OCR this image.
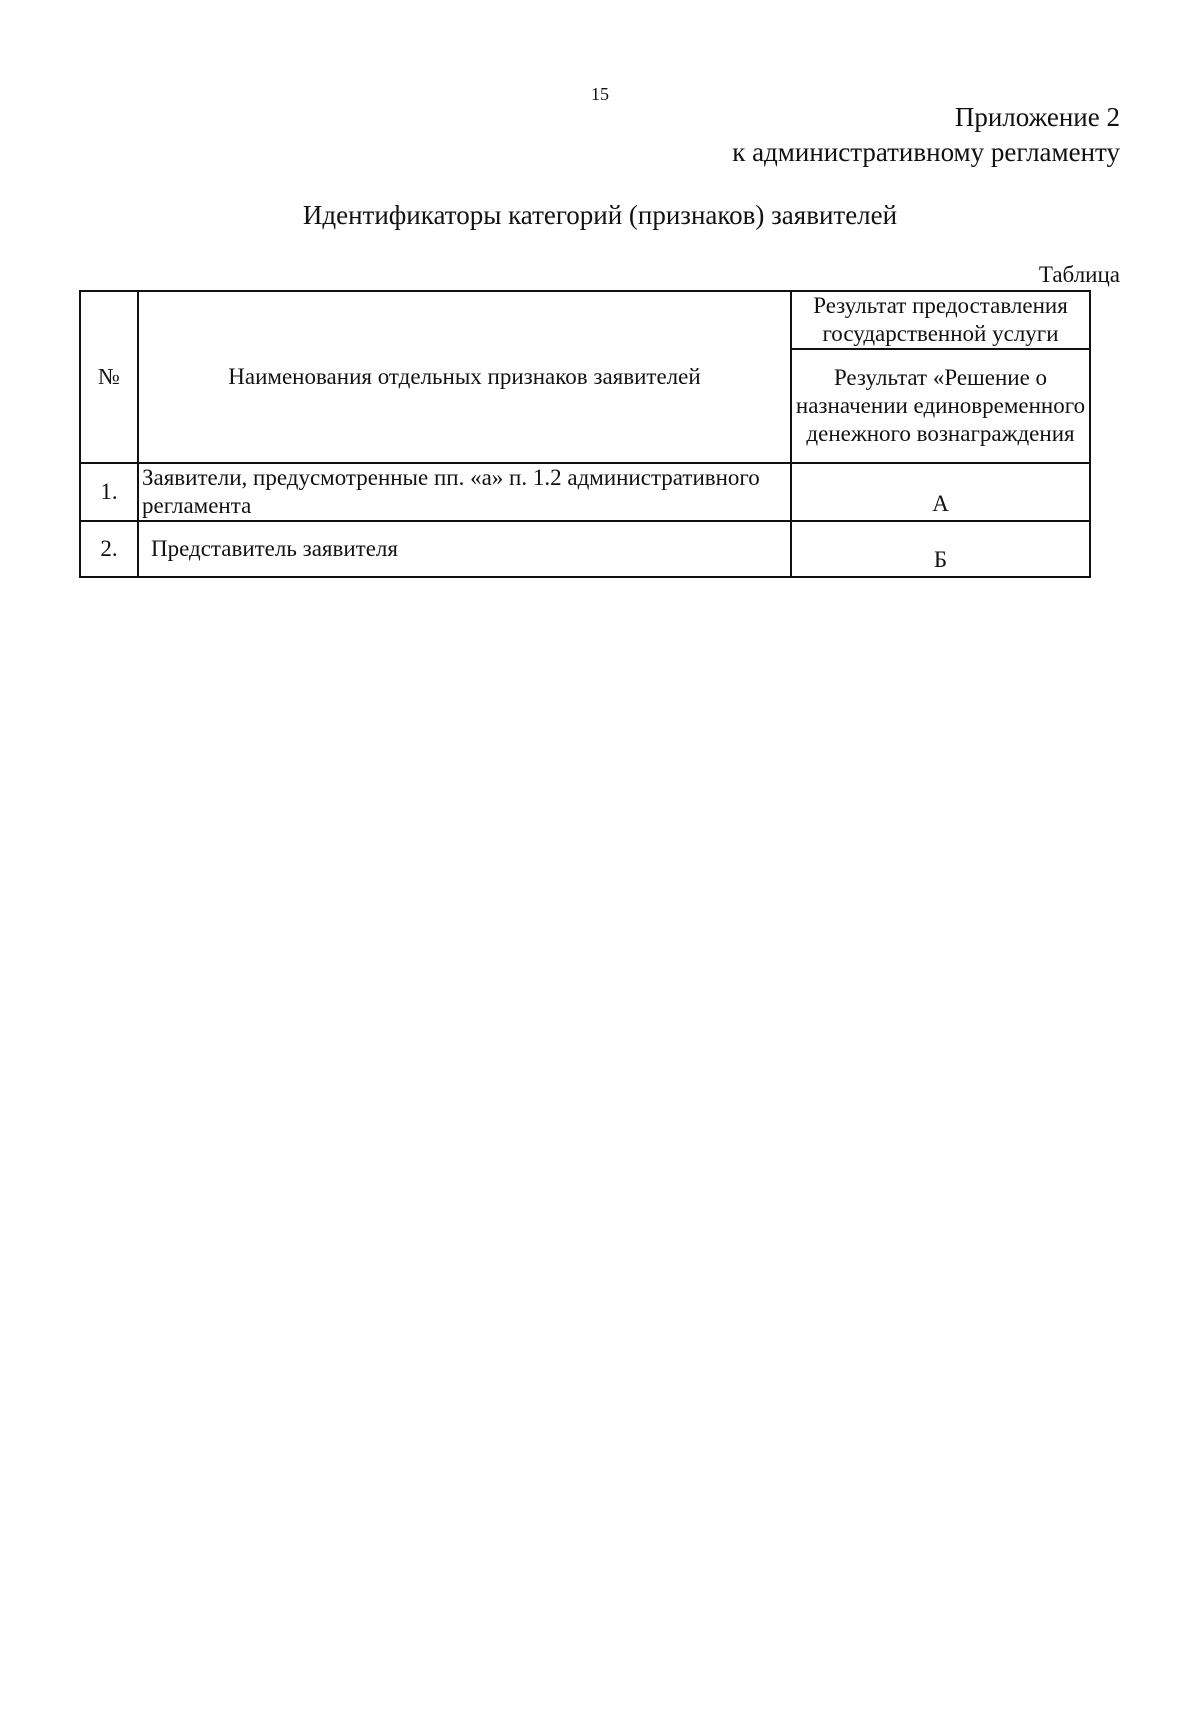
15
Приложение 2
к административному регламенту
Идентификаторы категорий (признаков) заявителей
Таблица
№	Наименования отдельных признаков заявителей	Результат предоставления государственной услуги
		Результат «Решение о назначении единовременного денежного вознаграждения
1.	Заявители, предусмотренные пп. «а» п. 1.2 административного регламента	А
2.	Представитель заявителя	Б
